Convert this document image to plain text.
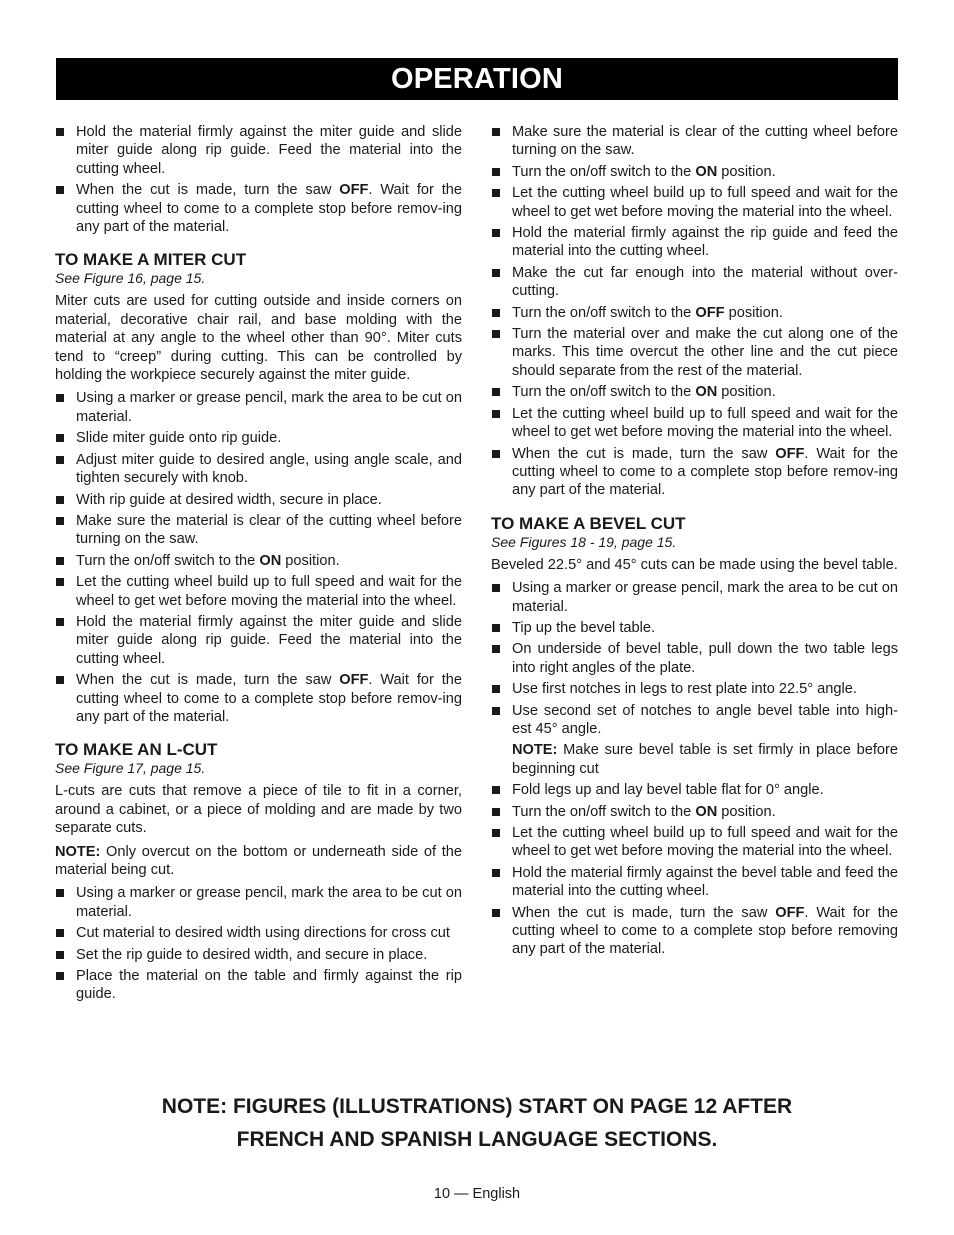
OPERATION
Hold the material firmly against the miter guide and slide miter guide along rip guide. Feed the material into the cutting wheel.
When the cut is made, turn the saw OFF. Wait for the cutting wheel to come to a complete stop before remov-ing any part of the material.
TO MAKE A MITER CUT
See Figure 16, page 15.

Miter cuts are used for cutting outside and inside corners on material, decorative chair rail, and base molding with the material at any angle to the wheel other than 90°. Miter cuts tend to “creep” during cutting. This can be controlled by holding the workpiece securely against the miter guide.

Using a marker or grease pencil, mark the area to be cut on material.
Slide miter guide onto rip guide.
Adjust miter guide to desired angle, using angle scale, and tighten securely with knob.
With rip guide at desired width, secure in place.
Make sure the material is clear of the cutting wheel before turning on the saw.
Turn the on/off switch to the ON position.
Let the cutting wheel build up to full speed and wait for the wheel to get wet before moving the material into the wheel.
Hold the material firmly against the miter guide and slide miter guide along rip guide. Feed the material into the cutting wheel.
When the cut is made, turn the saw OFF. Wait for the cutting wheel to come to a complete stop before remov-ing any part of the material.
TO MAKE AN L-CUT
See Figure 17, page 15.

L-cuts are cuts that remove a piece of tile to fit in a corner, around a cabinet, or a piece of molding and are made by two separate cuts.

NOTE: Only overcut on the bottom or underneath side of the material being cut.

Using a marker or grease pencil, mark the area to be cut on material.
Cut material to desired width using directions for cross cut
Set the rip guide to desired width, and secure in place.
Place the material on the table and firmly against the rip guide.
Make sure the material is clear of the cutting wheel before turning on the saw.
Turn the on/off switch to the ON position.
Let the cutting wheel build up to full speed and wait for the wheel to get wet before moving the material into the wheel.
Hold the material firmly against the rip guide and feed the material into the cutting wheel.
Make the cut far enough into the material without over-cutting.
Turn the on/off switch to the OFF position.
Turn the material over and make the cut along one of the marks. This time overcut the other line and the cut piece should separate from the rest of the material.
Turn the on/off switch to the ON position.
Let the cutting wheel build up to full speed and wait for the wheel to get wet before moving the material into the wheel.
When the cut is made, turn the saw OFF. Wait for the cutting wheel to come to a complete stop before remov-ing any part of the material.
TO MAKE A BEVEL CUT
See Figures 18 - 19, page 15.

Beveled 22.5° and 45° cuts can be made using the bevel table.

Using a marker or grease pencil, mark the area to be cut on material.
Tip up the bevel table.
On underside of bevel table, pull down the two table legs into right angles of the plate.
Use first notches in legs to rest plate into 22.5° angle.
Use second set of notches to angle bevel table into high-est 45° angle.
NOTE: Make sure bevel table is set firmly in place before beginning cut
Fold legs up and lay bevel table flat for 0° angle.
Turn the on/off switch to the ON position.
Let the cutting wheel build up to full speed and wait for the wheel to get wet before moving the material into the wheel.
Hold the material firmly against the bevel table and feed the material into the cutting wheel.
When the cut is made, turn the saw OFF. Wait for the cutting wheel to come to a complete stop before removing any part of the material.
NOTE: FIGURES (ILLUSTRATIONS) START ON PAGE 12 AFTER
FRENCH AND SPANISH LANGUAGE SECTIONS.
10 — English
